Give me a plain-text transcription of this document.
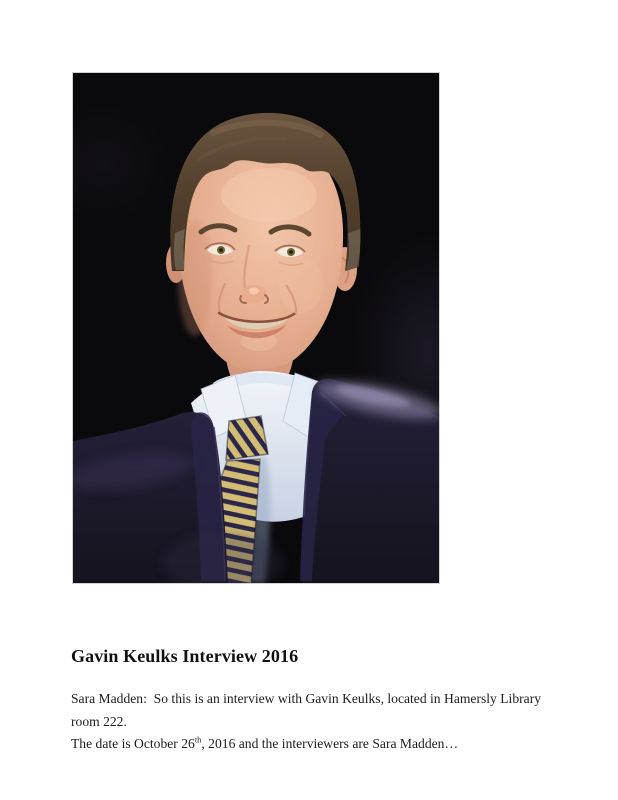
Gavin Keulks Interview 2016
Sara Madden:  So this is an interview with Gavin Keulks, located in Hamersly Library room 222.
The date is October 26th, 2016 and the interviewers are Sara Madden…
